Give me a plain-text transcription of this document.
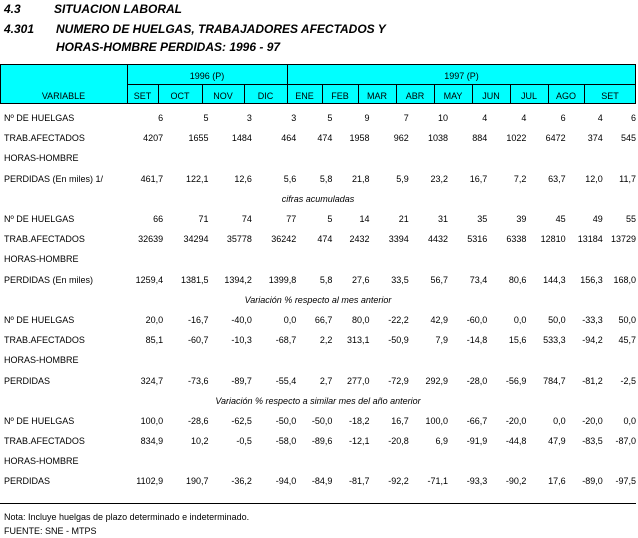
4.3	SITUACION LABORAL
4.301 NUMERO DE HUELGAS, TRABAJADORES AFECTADOS Y
HORAS-HOMBRE PERDIDAS: 1996 - 97
VARIABLE
1996 (P)	1997 (P)
SET	OCT	NOV	DIC	ENE	FEB	MAR	ABR	MAY	JUN	JUL	AGO	SET
Nº DE HUELGAS	6	5	3	3	5	9	7	10	4	4	6	4	6
TRAB.AFECTADOS	4207	1655	1484	464	474	1958	962	1038	884	1022	6472	374	545
HORAS-HOMBRE													
PERDIDAS (En miles) 1/	461,7	122,1	12,6	5,6	5,8	21,8	5,9	23,2	16,7	7,2	63,7	12,0	11,7
cifras acumuladas													
Nº DE HUELGAS	66	71	74	77	5	14	21	31	35	39	45	49	55
TRAB.AFECTADOS	32639	34294	35778	36242	474	2432	3394	4432	5316	6338	12810	13184	13729
HORAS-HOMBRE													
PERDIDAS (En miles)	1259,4	1381,5	1394,2	1399,8	5,8	27,6	33,5	56,7	73,4	80,6	144,3	156,3	168,0
Variación % respecto al mes anterior													
Nº DE HUELGAS	20,0	-16,7	-40,0	0,0	66,7	80,0	-22,2	42,9	-60,0	0,0	50,0	-33,3	50,0
TRAB.AFECTADOS	85,1	-60,7	-10,3	-68,7	2,2	313,1	-50,9	7,9	-14,8	15,6	533,3	-94,2	45,7
HORAS-HOMBRE													
PERDIDAS	324,7	-73,6	-89,7	-55,4	2,7	277,0	-72,9	292,9	-28,0	-56,9	784,7	-81,2	-2,5
Variación % respecto a similar mes del año anterior													
Nº DE HUELGAS	100,0	-28,6	-62,5	-50,0	-50,0	-18,2	16,7	100,0	-66,7	-20,0	0,0	-20,0	0,0
TRAB.AFECTADOS	834,9	10,2	-0,5	-58,0	-89,6	-12,1	-20,8	6,9	-91,9	-44,8	47,9	-83,5	-87,0
HORAS-HOMBRE													
PERDIDAS	1102,9	190,7	-36,2	-94,0	-84,9	-81,7	-92,2	-71,1	-93,3	-90,2	17,6	-89,0	-97,5
Nota: Incluye huelgas de plazo determinado e indeterminado.
FUENTE: SNE - MTPS
